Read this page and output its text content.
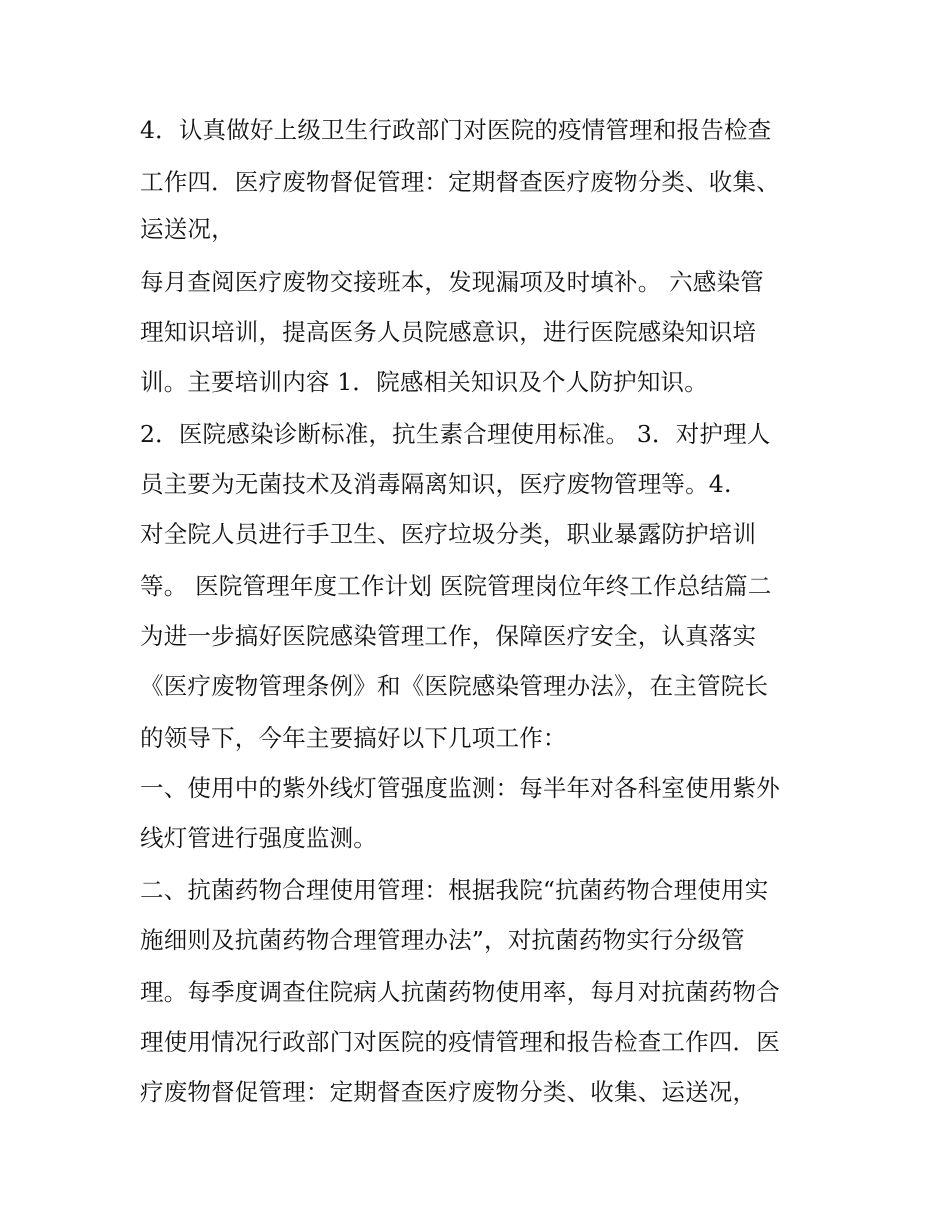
4．认真做好上级卫生行政部门对医院的疫情管理和报告检查

工作四．医疗废物督促管理：定期督查医疗废物分类、收集、

运送况，

每月查阅医疗废物交接班本，发现漏项及时填补。 六感染管

理知识培训，提高医务人员院感意识，进行医院感染知识培

训。主要培训内容 1．院感相关知识及个人防护知识。

2．医院感染诊断标准，抗生素合理使用标准。 3．对护理人

员主要为无菌技术及消毒隔离知识，医疗废物管理等。4.

对全院人员进行手卫生、医疗垃圾分类，职业暴露防护培训

等。 医院管理年度工作计划 医院管理岗位年终工作总结篇二

为进一步搞好医院感染管理工作，保障医疗安全，认真落实

《医疗废物管理条例》和《医院感染管理办法》，在主管院长

的领导下，今年主要搞好以下几项工作：

一、使用中的紫外线灯管强度监测：每半年对各科室使用紫外

线灯管进行强度监测。

二、抗菌药物合理使用管理：根据我院“抗菌药物合理使用实

施细则及抗菌药物合理管理办法”，对抗菌药物实行分级管

理。每季度调查住院病人抗菌药物使用率，每月对抗菌药物合

理使用情况行政部门对医院的疫情管理和报告检查工作四．医

疗废物督促管理：定期督查医疗废物分类、收集、运送况，
